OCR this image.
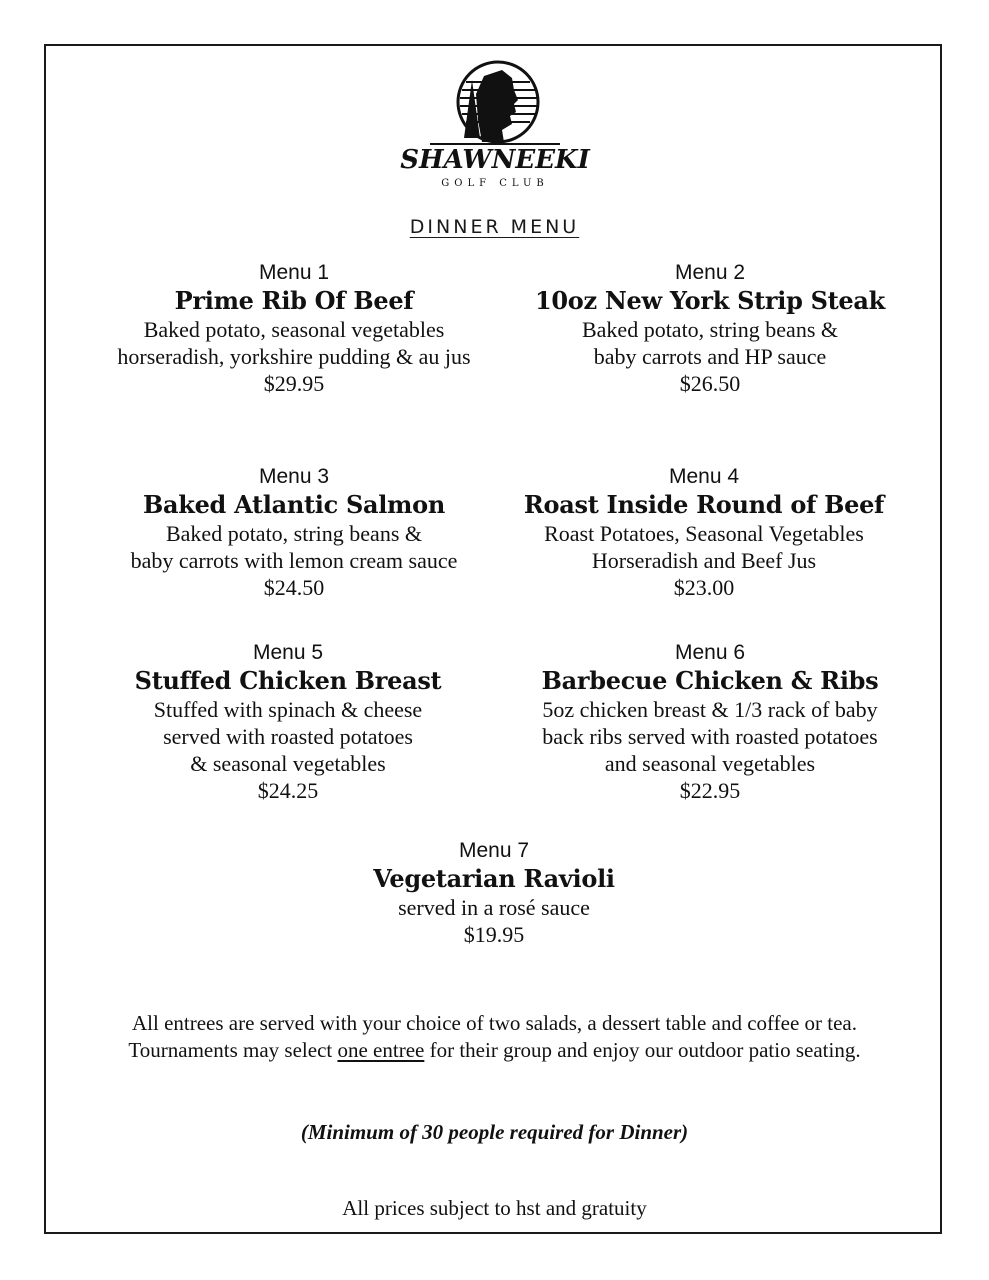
SHAWNEEKI
GOLF CLUB
DINNER MENU
Menu 1
Prime Rib Of Beef
Baked potato, seasonal vegetables
horseradish, yorkshire pudding & au jus
$29.95
Menu 2
10oz New York Strip Steak
Baked potato, string beans &
baby carrots and HP sauce
$26.50
Menu 3
Baked Atlantic Salmon
Baked potato, string beans &
baby carrots with lemon cream sauce
$24.50
Menu 4
Roast Inside Round of Beef
Roast Potatoes, Seasonal Vegetables
Horseradish and Beef Jus
$23.00
Menu 5
Stuffed Chicken Breast
Stuffed with spinach & cheese
served with roasted potatoes
& seasonal vegetables
$24.25
Menu 6
Barbecue Chicken & Ribs
5oz chicken breast & 1/3 rack of baby
back ribs served with roasted potatoes
and seasonal vegetables
$22.95
Menu 7
Vegetarian Ravioli
served in a rosé sauce
$19.95
All entrees are served with your choice of two salads, a dessert table and coffee or tea.
Tournaments may select one entree for their group and enjoy our outdoor patio seating.
(Minimum of 30 people required for Dinner)
All prices subject to hst and gratuity
